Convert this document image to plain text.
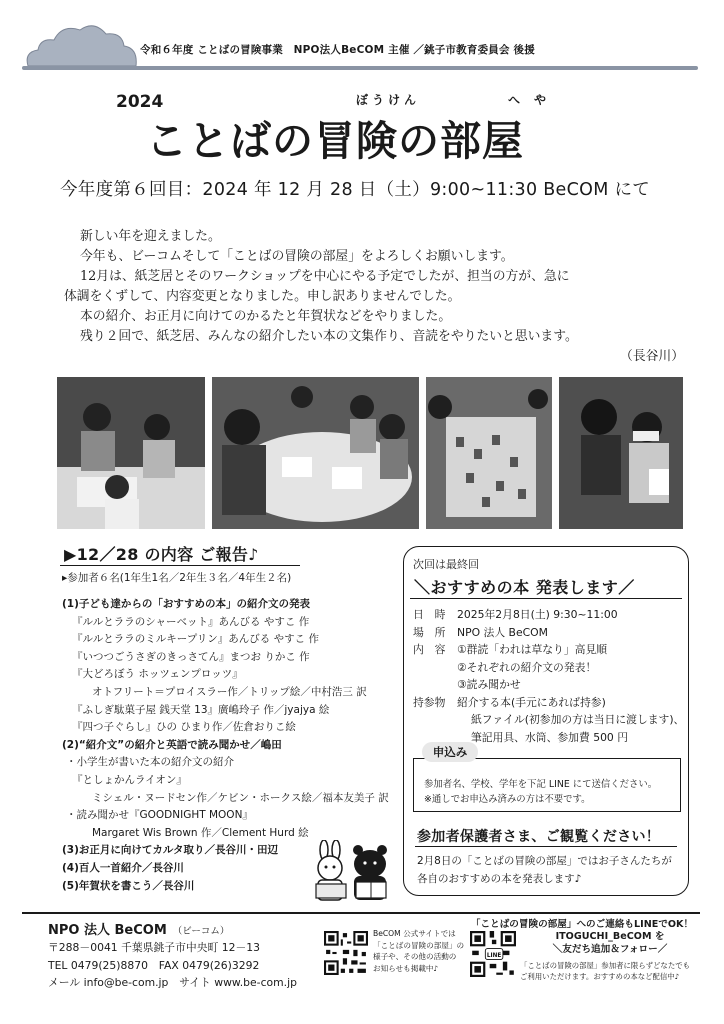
令和６年度 ことばの冒険事業　NPO法人BeCOM 主催 ／銚子市教育委員会 後援
2024	ぼうけん	へや
ことばの冒険の部屋
今年度第６回目：2024 年 12 月 28 日（土）9:00~11:30 BeCOM にて

新しい年を迎えました。

今年も、ビーコムそして「ことばの冒険の部屋」をよろしくお願いします。

12月は、紙芝居とそのワークショップを中心にやる予定でしたが、担当の方が、急に

体調をくずして、内容変更となりました。申し訳ありませんでした。

本の紹介、お正月に向けてのかるたと年賀状などをやりました。

残り２回で、紙芝居、みんなの紹介したい本の文集作り、音読をやりたいと思います。

（長谷川）

▶12／28 の内容 ご報告♪
▸参加者６名(1年生1名／2年生３名／4年生２名)
(1)子ども達からの「おすすめの本」の紹介文の発表
『ルルとララのシャーベット』あんびる やすこ 作
『ルルとララのミルキープリン』あんびる やすこ 作
『いつつごうさぎのきっさてん』まつお りかこ 作
『大どろぼう ホッツェンプロッツ』
オトフリート＝プロイスラー作／トリップ絵／中村浩三 訳
『ふしぎ駄菓子屋 銭天堂 13』廣嶋玲子 作／jyajya 絵
『四つ子ぐらし』ひの ひまり作／佐倉おりこ絵
(2)“紹介文”の紹介と英語で読み聞かせ／嶋田
・小学生が書いた本の紹介文の紹介
『としょかんライオン』
ミシェル・ヌードセン作／ケビン・ホークス絵／福本友美子 訳
・読み聞かせ『GOODNIGHT MOON』
Margaret Wis Brown 作／Clement Hurd 絵
(3)お正月に向けてカルタ取り／長谷川・田辺
(4)百人一首紹介／長谷川
(5)年賀状を書こう／長谷川
次回は最終回
＼おすすめの本 発表します／
日　時 2025年2月8日(土) 9:30~11:00
場　所 NPO 法人 BeCOM
内　容 ①群読「われは草なり」高見順
②それぞれの紹介文の発表！
③読み聞かせ
持参物 紹介する本(手元にあれば持参)
紙ファイル(初参加の方は当日に渡します)、
筆記用具、水筒、参加費 500 円
申込み
参加者名、学校、学年を下記 LINE にて送信ください。
※通しでお申込み済みの方は不要です。
参加者保護者さま、ご観覧ください！
2月8日の「ことばの冒険の部屋」ではお子さんたちが
各自のおすすめの本を発表します♪
NPO 法人 BeCOM （ビーコム）
〒288－0041 千葉県銚子市中央町 12－13
TEL 0479(25)8870　FAX 0479(26)3292
メール info@be-com.jp　サイト www.be-com.jp
BeCOM 公式サイトでは
「ことばの冒険の部屋」の
様子や、その他の活動の
お知らせも掲載中♪
「ことばの冒険の部屋」へのご連絡もLINEでOK！
LINE
ITOGUCHI_BeCOM を
＼友だち追加＆フォロー／
「ことばの冒険の部屋」参加者に限らずどなたでも
ご利用いただけます。おすすめの本など配信中♪
